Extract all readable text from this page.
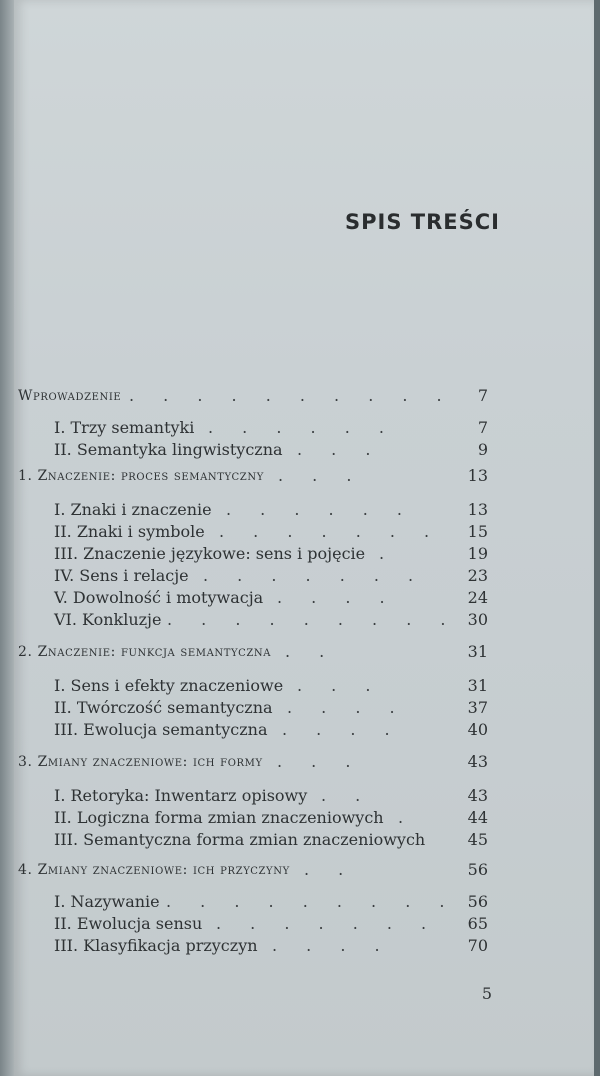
SPIS TREŚCI
Wprowadzenie . . . . . . . . . . 7
I. Trzy semantyki . . . . . .	7
II. Semantyka lingwistyczna . . .	9
1. Znaczenie: proces semantyczny . . .	13
I. Znaki i znaczenie . . . . . .	13
II. Znaki i symbole . . . . . . . 15
III. Znaczenie językowe: sens i pojęcie .	19
IV. Sens i relacje . . . . . . .	23
V. Dowolność i motywacja . . . .	24
VI. Konkluzje . . . . . . . . . 30
2. Znaczenie: funkcja semantyczna . .	31
I. Sens i efekty znaczeniowe . . .	31
II. Twórczość semantyczna . . . .	37
III. Ewolucja semantyczna . . . .	40
3. Zmiany znaczeniowe: ich formy . . .	43
I. Retoryka: Inwentarz opisowy . .	43
II. Logiczna forma zmian znaczeniowych .	44
III. Semantyczna forma zmian znaczeniowych	45
4. Zmiany znaczeniowe: ich przyczyny . .	56
I. Nazywanie . . . . . . . . . 56
II. Ewolucja sensu . . . . . . . 65
III. Klasyfikacja przyczyn . . . .	70
5
